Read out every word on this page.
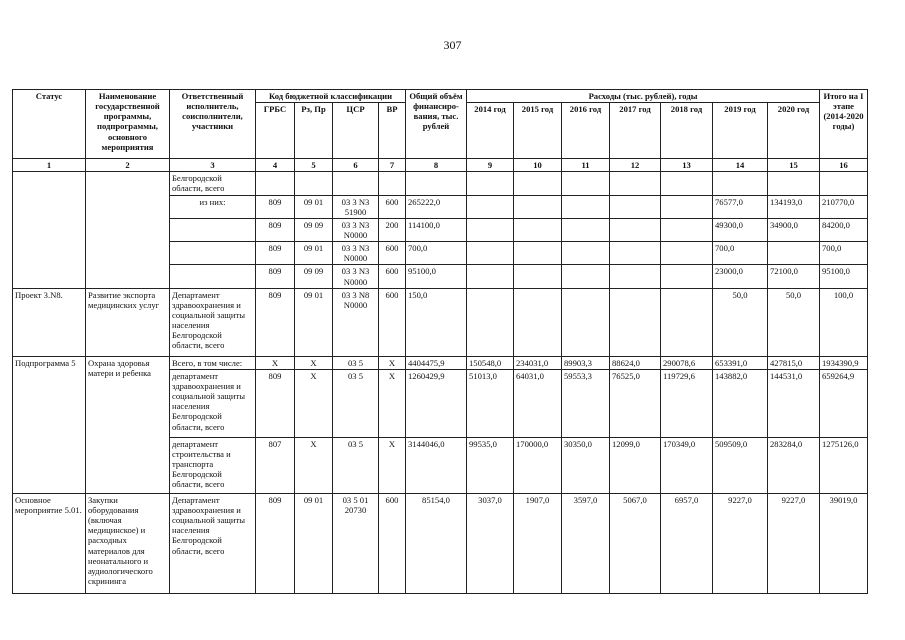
307
Статус	Наименование государственной программы, подпрограммы, основного мероприятия	Ответственный исполнитель, соисполнители, участники	Код бюджетной классификации				Общий объём финансиро-вания, тыс. рублей	Расходы (тыс. рублей), годы							Итого на I этапе (2014-2020 годы)
			ГРБС	Рз, Пр	ЦСР	ВР		2014 год	2015 год	2016 год	2017 год	2018 год	2019 год	2020 год	
1	2	3	4	5	6	7	8	9	10	11	12	13	14	15	16
		Белгородской области, всего													
		из них:	809	09 01	03 3 N3 51900	600	265222,0						76577,0	134193,0	210770,0
			809	09 09	03 3 N3 N0000	200	114100,0						49300,0	34900,0	84200,0
			809	09 01	03 3 N3 N0000	600	700,0						700,0		700,0
			809	09 09	03 3 N3 N0000	600	95100,0						23000,0	72100,0	95100,0
Проект 3.N8.	Развитие экспорта медицинских услуг	Департамент здравоохранения и социальной защиты населения Белгородской области, всего	809	09 01	03 3 N8 N0000	600	150,0						50,0	50,0	100,0
Подпрограмма 5	Охрана здоровья матери и ребенка	Всего, в том числе:	X	X	03 5	X	4404475,9	150548,0	234031,0	89903,3	88624,0	290078,6	653391,0	427815,0	1934390,9
		департамент здравоохранения и социальной защиты населения Белгородской области, всего	809	X	03 5	X	1260429,9	51013,0	64031,0	59553,3	76525,0	119729,6	143882,0	144531,0	659264,9
		департамент строительства и транспорта Белгородской области, всего	807	X	03 5	X	3144046,0	99535,0	170000,0	30350,0	12099,0	170349,0	509509,0	283284,0	1275126,0
Основное мероприятие 5.01.	Закупки оборудования (включая медицинское) и расходных материалов для неонатального и аудиологического скрининга	Департамент здравоохранения и социальной защиты населения Белгородской области, всего	809	09 01	03 5 01 20730	600	85154,0	3037,0	1907,0	3597,0	5067,0	6957,0	9227,0	9227,0	39019,0
